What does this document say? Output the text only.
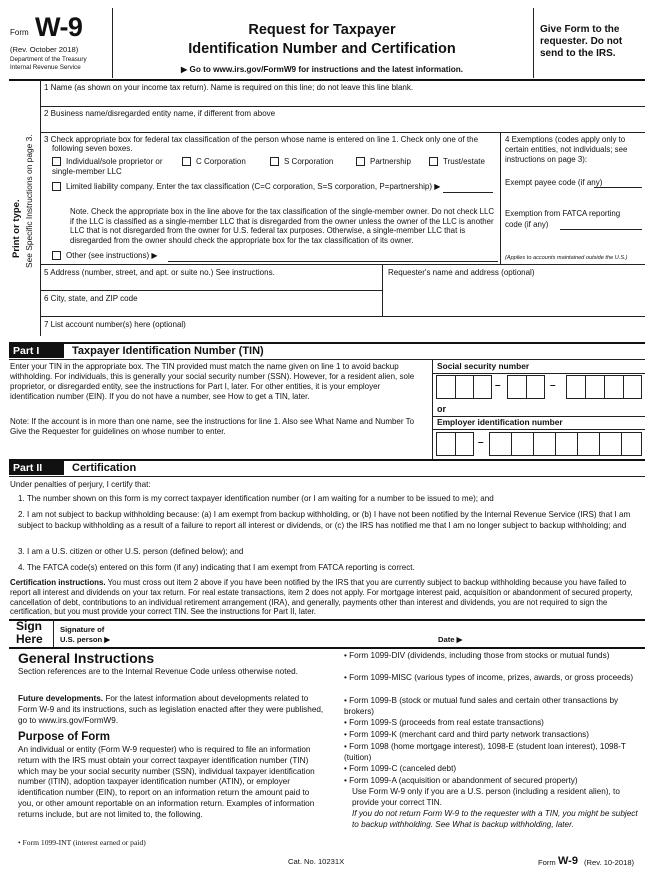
Form W-9
(Rev. October 2018)
Department of the Treasury
Internal Revenue Service
Request for Taxpayer
Identification Number and Certification
▶ Go to www.irs.gov/FormW9 for instructions and the latest information.
Give Form to the requester. Do not send to the IRS.
Print or type. See Specific Instructions on page 3.
1 Name (as shown on your income tax return). Name is required on this line; do not leave this line blank.
2 Business name/disregarded entity name, if different from above
3 Check appropriate box for federal tax classification of the person whose name is entered on line 1. Check only one of the
following seven boxes.
Individual/sole proprietor or single-member LLC
C Corporation	S Corporation	Partnership	Trust/estate
Limited liability company. Enter the tax classification (C=C corporation, S=S corporation, P=partnership) ▶
Note. Check the appropriate box in the line above for the tax classification of the single-member owner. Do not check LLC if the LLC is classified as a single-member LLC that is disregarded from the owner unless the owner of the LLC is another LLC that is not disregarded from the owner for U.S. federal tax purposes. Otherwise, a single-member LLC that is disregarded from the owner should check the appropriate box for the tax classification of its owner.
Other (see instructions) ▶
4 Exemptions (codes apply only to certain entities, not individuals; see instructions on page 3):
Exempt payee code (if any)
Exemption from FATCA reporting code (if any)
(Applies to accounts maintained outside the U.S.)
5 Address (number, street, and apt. or suite no.) See instructions.	Requester's name and address (optional)
6 City, state, and ZIP code
7 List account number(s) here (optional)
Part I	Taxpayer Identification Number (TIN)
Enter your TIN in the appropriate box. The TIN provided must match the name given on line 1 to avoid backup withholding. For individuals, this is generally your social security number (SSN). However, for a resident alien, sole proprietor, or disregarded entity, see the instructions for Part I, later. For other entities, it is your employer identification number (EIN). If you do not have a number, see How to get a TIN, later.
Note: If the account is in more than one name, see the instructions for line 1. Also see What Name and Number To Give the Requester for guidelines on whose number to enter.
Social security number
–	–
or
Employer identification number
–
Part II	Certification
Under penalties of perjury, I certify that:
1. The number shown on this form is my correct taxpayer identification number (or I am waiting for a number to be issued to me); and
2. I am not subject to backup withholding because: (a) I am exempt from backup withholding, or (b) I have not been notified by the Internal Revenue Service (IRS) that I am subject to backup withholding as a result of a failure to report all interest or dividends, or (c) the IRS has notified me that I am no longer subject to backup withholding; and
3. I am a U.S. citizen or other U.S. person (defined below); and
4. The FATCA code(s) entered on this form (if any) indicating that I am exempt from FATCA reporting is correct.
Certification instructions. You must cross out item 2 above if you have been notified by the IRS that you are currently subject to backup withholding because you have failed to report all interest and dividends on your tax return. For real estate transactions, item 2 does not apply. For mortgage interest paid, acquisition or abandonment of secured property, cancellation of debt, contributions to an individual retirement arrangement (IRA), and generally, payments other than interest and dividends, you are not required to sign the certification, but you must provide your correct TIN. See the instructions for Part II, later.
Sign
Here
Signature of
U.S. person ▶	Date ▶
General Instructions
Section references are to the Internal Revenue Code unless otherwise noted.
Future developments. For the latest information about developments related to Form W-9 and its instructions, such as legislation enacted after they were published, go to www.irs.gov/FormW9.
Purpose of Form
An individual or entity (Form W-9 requester) who is required to file an information return with the IRS must obtain your correct taxpayer identification number (TIN) which may be your social security number (SSN), individual taxpayer identification number (ITIN), adoption taxpayer identification number (ATIN), or employer identification number (EIN), to report on an information return the amount paid to you, or other amount reportable on an information return. Examples of information returns include, but are not limited to, the following.
• Form 1099-INT (interest earned or paid)
• Form 1099-DIV (dividends, including those from stocks or mutual funds)
• Form 1099-MISC (various types of income, prizes, awards, or gross proceeds)
• Form 1099-B (stock or mutual fund sales and certain other transactions by brokers)
• Form 1099-S (proceeds from real estate transactions)
• Form 1099-K (merchant card and third party network transactions)
• Form 1098 (home mortgage interest), 1098-E (student loan interest), 1098-T (tuition)
• Form 1099-C (canceled debt)
• Form 1099-A (acquisition or abandonment of secured property)
Use Form W-9 only if you are a U.S. person (including a resident alien), to provide your correct TIN.
If you do not return Form W-9 to the requester with a TIN, you might be subject to backup withholding. See What is backup withholding, later.
Cat. No. 10231X	Form W-9 (Rev. 10-2018)
